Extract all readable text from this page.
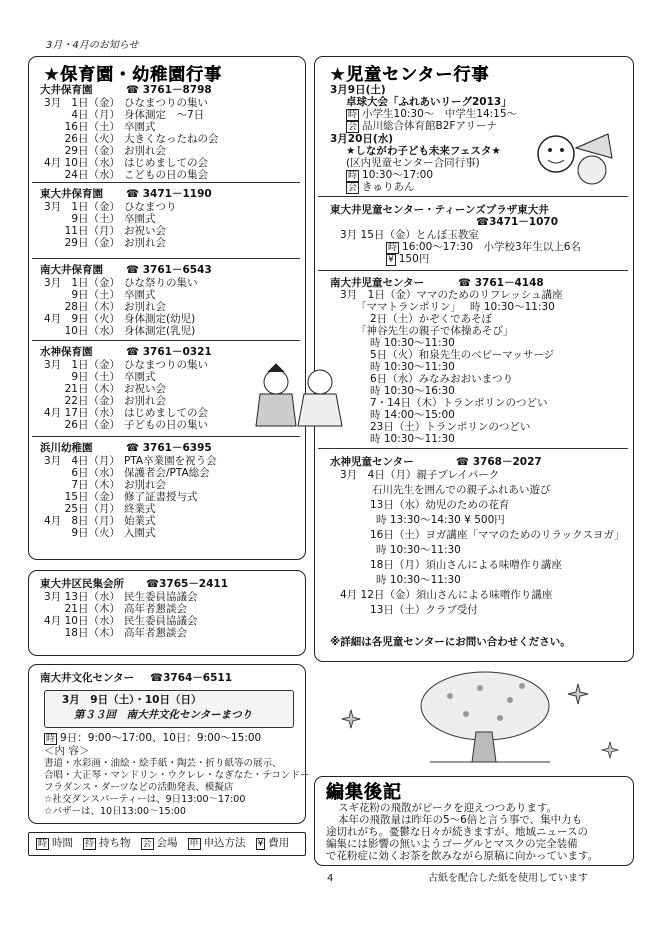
3月・4月のお知らせ
★保育園・幼稚園行事
大井保育園	☎ 3761－8798
3月 1日（金） ひなまつりの集い
4日（月） 身体測定　～7日
16日（土） 卒園式
26日（火） 大きくなったねの会
29日（金） お別れ会
4月 10日（水） はじめましての会
24日（水） こどもの日の集会
東大井保育園 ☎ 3471－1190
3月 1日（金） ひなまつり
9日（土） 卒園式
11日（月） お祝い会
29日（金） お別れ会
南大井保育園 ☎ 3761－6543
3月 1日（金） ひな祭りの集い
9日（土） 卒園式
28日（木） お別れ会
4月 9日（火） 身体測定(幼児)
10日（水） 身体測定(乳児)
水神保育園	☎ 3761－0321
3月 1日（金） ひなまつりの集い
9日（土） 卒園式
21日（木） お祝い会
22日（金） お別れ会
4月 17日（水） はじめましての会
26日（金） 子どもの日の集い
浜川幼稚園	☎ 3761－6395
3月 4日（月） PTA卒業園を祝う会
6日（水） 保護者会/PTA総会
7日（木） お別れ会
15日（金） 修了証書授与式
25日（月） 終業式
4月 8日（月） 始業式
9日（火） 入園式
東大井区民集会所 ☎3765－2411
3月 13日（水） 民生委員協議会
21日（木） 高年者懇談会
4月 10日（水） 民生委員協議会
18日（木） 高年者懇談会
南大井文化センター ☎3764－6511
3月　9日（土）・10日（日）
第３３回　南大井文化センターまつり
時 9日：9:00～17:00、10日：9:00～15:00
＜内 容＞
書道・水彩画・油絵・絵手紙・陶芸・折り紙等の展示、
合唱・大正琴・マンドリン・ウクレレ・なぎなた・テコンドー
フラダンス・ダーツなどの活動発表、模擬店
☆社交ダンスパーティーは、9日13:00～17:00
☆バザーは、10日13:00～15:00
時 時間 持 持ち物 会 会場 申 申込方法 ¥ 費用
★児童センター行事
3月9日(土)
卓球大会「ふれあいリーグ2013」
時 小学生10:30～　中学生14:15～
会 品川総合体育館B2Fアリーナ
3月20日(水)
★しながわ子ども未来フェスタ★
(区内児童センター合同行事)
時 10:30～17:00
会 きゅりあん
東大井児童センター・ティーンズプラザ東大井
☎3471－1070
3月 15日（金）とんぼ玉教室
時 16:00～17:30　小学校3年生以上6名
¥ 150円
南大井児童センター	☎ 3761－4148
3月　1日（金）ママのためのリフレッシュ講座
「ママトランポリン」 時 10:30～11:30
2日（土）かぞくであそぼ
「神谷先生の親子で体操あそび」
時 10:30～11:30
5日（火）和泉先生のベビーマッサージ
時 10:30～11:30
6日（水）みなみおおいまつり
時 10:30～16:30
7・14日（木）トランポリンのつどい
時 14:00～15:00
23日（土）トランポリンのつどい
時 10:30～11:30
水神児童センター	☎ 3768－2027
3月　4日（月）親子プレイパーク
石川先生を囲んでの親子ふれあい遊び
13日（水）幼児のための花育
時 13:30～14:30 ¥ 500円
16日（土）ヨガ講座「ママのためのリラックスヨガ」
時 10:30～11:30
18日（月）須山さんによる味噌作り講座
時 10:30～11:30
4月 12日（金）須山さんによる味噌作り講座
13日（土）クラブ受付
※詳細は各児童センターにお問い合わせください。
編集後記
スギ花粉の飛散がピークを迎えつつあります。
本年の飛散量は昨年の5～6倍と言う事で、集中力も
途切れがち。憂鬱な日々が続きますが、地域ニュースの
編集には影響の無いようゴーグルとマスクの完全装備
で花粉症に効くお茶を飲みながら原稿に向かっています。
4	古紙を配合した紙を使用しています
